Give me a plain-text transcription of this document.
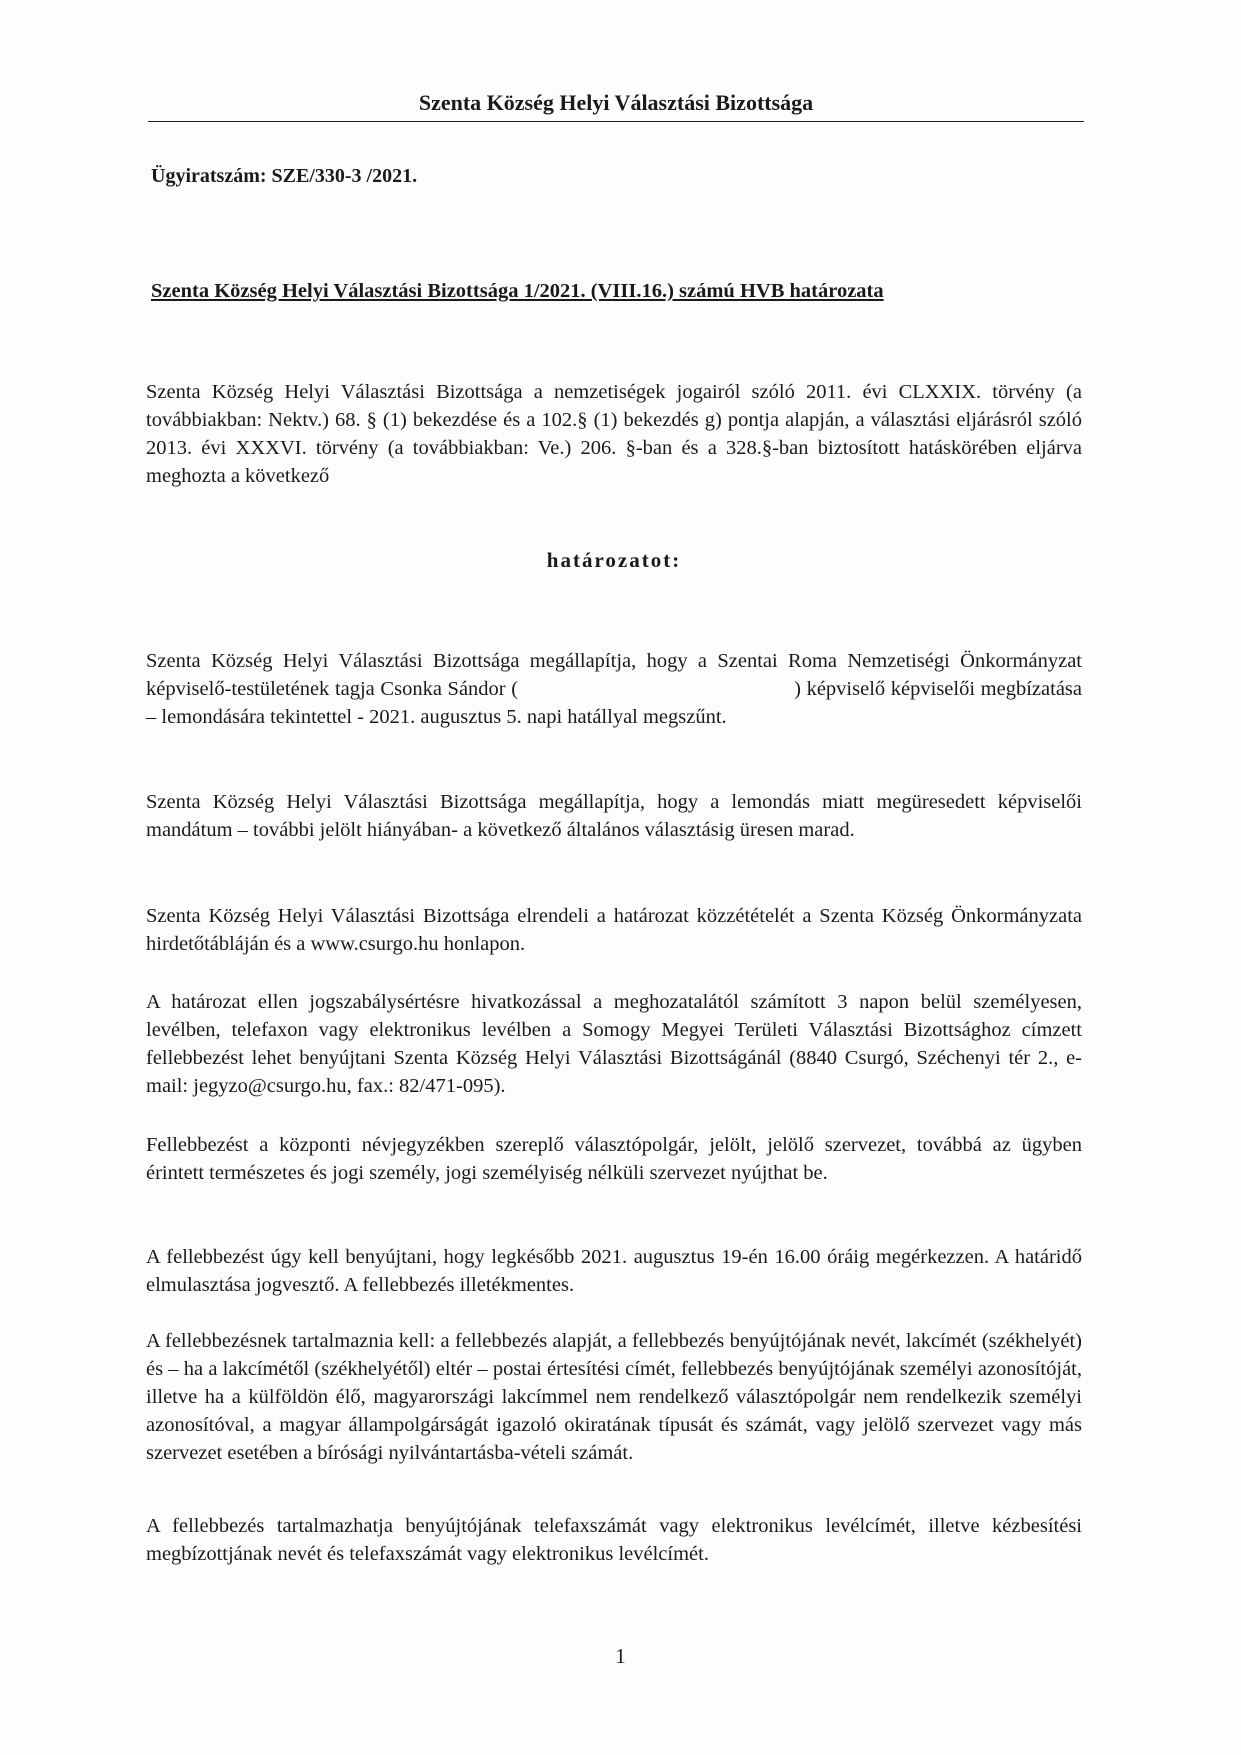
Szenta Község Helyi Választási Bizottsága
Ügyiratszám: SZE/330-3 /2021.
Szenta Község Helyi Választási Bizottsága 1/2021. (VIII.16.) számú HVB határozata
Szenta Község Helyi Választási Bizottsága a nemzetiségek jogairól szóló 2011. évi CLXXIX. törvény (a továbbiakban: Nektv.) 68. § (1) bekezdése és a 102.§ (1) bekezdés g) pontja alapján, a választási eljárásról szóló 2013. évi XXXVI. törvény (a továbbiakban: Ve.) 206. §-ban és a 328.§-ban biztosított hatáskörében eljárva meghozta a következő
határozatot:
Szenta Község Helyi Választási Bizottsága megállapítja, hogy a Szentai Roma Nemzetiségi Önkormányzat képviselő-testületének tagja Csonka Sándor (	) képviselő képviselői megbízatása – lemondására tekintettel - 2021. augusztus 5. napi hatállyal megszűnt.
Szenta Község Helyi Választási Bizottsága megállapítja, hogy a lemondás miatt megüresedett képviselői mandátum – további jelölt hiányában- a következő általános választásig üresen marad.
Szenta Község Helyi Választási Bizottsága elrendeli a határozat közzétételét a Szenta Község Önkormányzata hirdetőtábláján és a www.csurgo.hu honlapon.
A határozat ellen jogszabálysértésre hivatkozással a meghozatalától számított 3 napon belül személyesen, levélben, telefaxon vagy elektronikus levélben a Somogy Megyei Területi Választási Bizottsághoz címzett fellebbezést lehet benyújtani Szenta Község Helyi Választási Bizottságánál (8840 Csurgó, Széchenyi tér 2., e-mail: jegyzo@csurgo.hu, fax.: 82/471-095).
Fellebbezést a központi névjegyzékben szereplő választópolgár, jelölt, jelölő szervezet, továbbá az ügyben érintett természetes és jogi személy, jogi személyiség nélküli szervezet nyújthat be.
A fellebbezést úgy kell benyújtani, hogy legkésőbb 2021. augusztus 19-én 16.00 óráig megérkezzen. A határidő elmulasztása jogvesztő. A fellebbezés illetékmentes.
A fellebbezésnek tartalmaznia kell: a fellebbezés alapját, a fellebbezés benyújtójának nevét, lakcímét (székhelyét) és – ha a lakcímétől (székhelyétől) eltér – postai értesítési címét, fellebbezés benyújtójának személyi azonosítóját, illetve ha a külföldön élő, magyarországi lakcímmel nem rendelkező választópolgár nem rendelkezik személyi azonosítóval, a magyar állampolgárságát igazoló okiratának típusát és számát, vagy jelölő szervezet vagy más szervezet esetében a bírósági nyilvántartásba-vételi számát.
A fellebbezés tartalmazhatja benyújtójának telefaxszámát vagy elektronikus levélcímét, illetve kézbesítési megbízottjának nevét és telefaxszámát vagy elektronikus levélcímét.
1
